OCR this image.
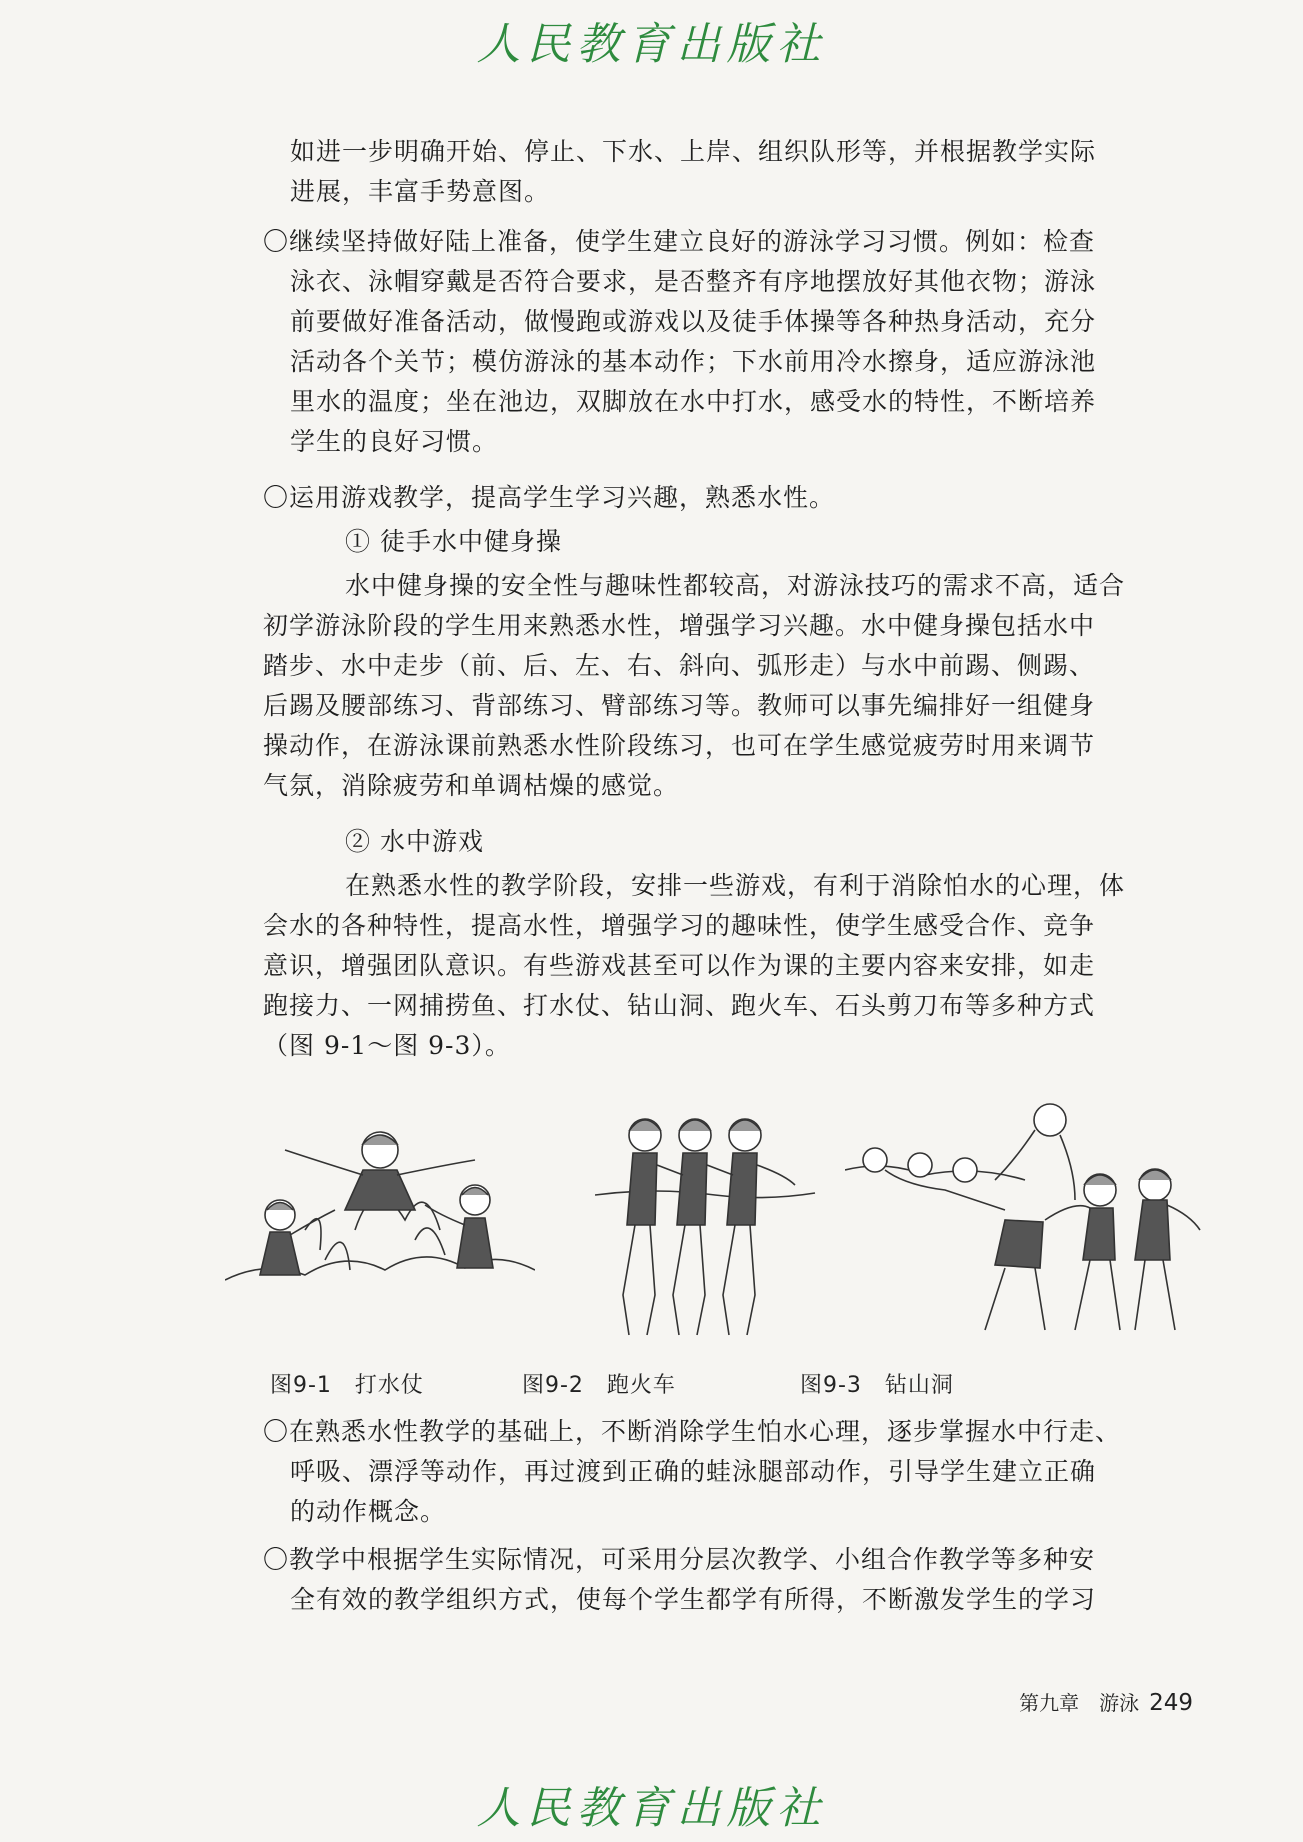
人民教育出版社
如进一步明确开始、停止、下水、上岸、组织队形等，并根据教学实际
进展，丰富手势意图。
〇继续坚持做好陆上准备，使学生建立良好的游泳学习习惯。例如：检查
泳衣、泳帽穿戴是否符合要求，是否整齐有序地摆放好其他衣物；游泳
前要做好准备活动，做慢跑或游戏以及徒手体操等各种热身活动，充分
活动各个关节；模仿游泳的基本动作；下水前用冷水擦身，适应游泳池
里水的温度；坐在池边，双脚放在水中打水，感受水的特性，不断培养
学生的良好习惯。
〇运用游戏教学，提高学生学习兴趣，熟悉水性。
① 徒手水中健身操
水中健身操的安全性与趣味性都较高，对游泳技巧的需求不高，适合
初学游泳阶段的学生用来熟悉水性，增强学习兴趣。水中健身操包括水中
踏步、水中走步（前、后、左、右、斜向、弧形走）与水中前踢、侧踢、
后踢及腰部练习、背部练习、臂部练习等。教师可以事先编排好一组健身
操动作，在游泳课前熟悉水性阶段练习，也可在学生感觉疲劳时用来调节
气氛，消除疲劳和单调枯燥的感觉。
② 水中游戏
在熟悉水性的教学阶段，安排一些游戏，有利于消除怕水的心理，体
会水的各种特性，提高水性，增强学习的趣味性，使学生感受合作、竞争
意识，增强团队意识。有些游戏甚至可以作为课的主要内容来安排，如走
跑接力、一网捕捞鱼、打水仗、钻山洞、跑火车、石头剪刀布等多种方式
（图 9-1～图 9-3）。
图9-1　打水仗	图9-2　跑火车	图9-3　钻山洞
〇在熟悉水性教学的基础上，不断消除学生怕水心理，逐步掌握水中行走、
呼吸、漂浮等动作，再过渡到正确的蛙泳腿部动作，引导学生建立正确
的动作概念。
〇教学中根据学生实际情况，可采用分层次教学、小组合作教学等多种安
全有效的教学组织方式，使每个学生都学有所得，不断激发学生的学习
第九章　游泳 249
人民教育出版社
